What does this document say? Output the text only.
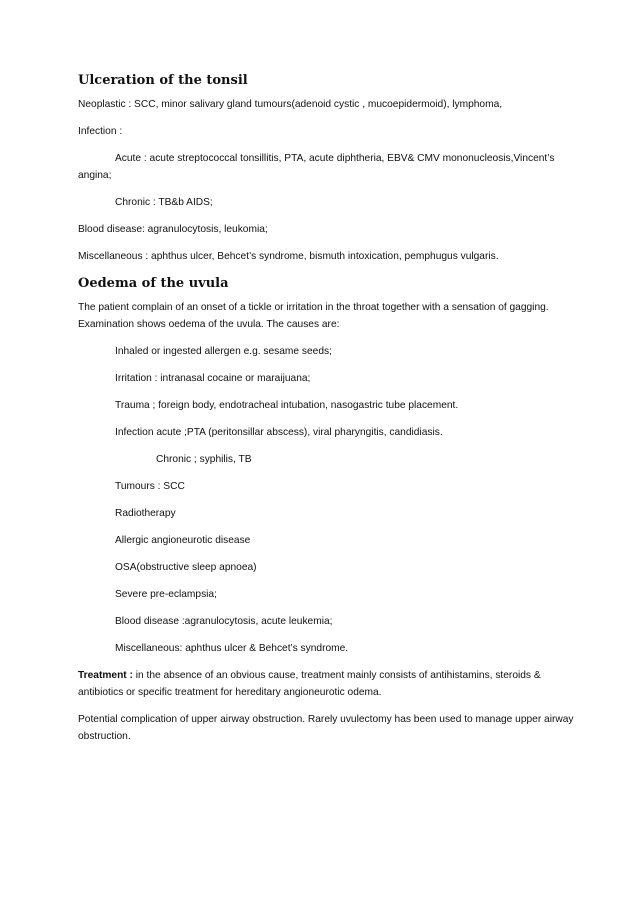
Ulceration of the tonsil

Neoplastic : SCC, minor salivary gland tumours(adenoid cystic , mucoepidermoid), lymphoma,

Infection :

Acute : acute streptococcal tonsillitis, PTA, acute diphtheria, EBV& CMV mononucleosis,Vincent’s angina;

Chronic : TB&b AIDS;

Blood disease: agranulocytosis, leukomia;

Miscellaneous : aphthus ulcer, Behcet’s syndrome, bismuth intoxication, pemphugus vulgaris.

Oedema of the uvula

The patient complain of an onset of a tickle or irritation in the throat together with a sensation of gagging. Examination shows oedema of the uvula. The causes are:

Inhaled or ingested allergen e.g. sesame seeds;

Irritation : intranasal cocaine or maraijuana;

Trauma ; foreign body, endotracheal intubation, nasogastric tube placement.

Infection acute ;PTA (peritonsillar abscess), viral pharyngitis, candidiasis.

Chronic ; syphilis, TB

Tumours : SCC

Radiotherapy

Allergic angioneurotic disease

OSA(obstructive sleep apnoea)

Severe pre-eclampsia;

Blood disease :agranulocytosis, acute leukemia;

Miscellaneous: aphthus ulcer & Behcet’s syndrome.

Treatment : in the absence of an obvious cause, treatment mainly consists of antihistamins, steroids & antibiotics or specific treatment for hereditary angioneurotic odema.

Potential complication of upper airway obstruction. Rarely uvulectomy has been used to manage upper airway obstruction.
